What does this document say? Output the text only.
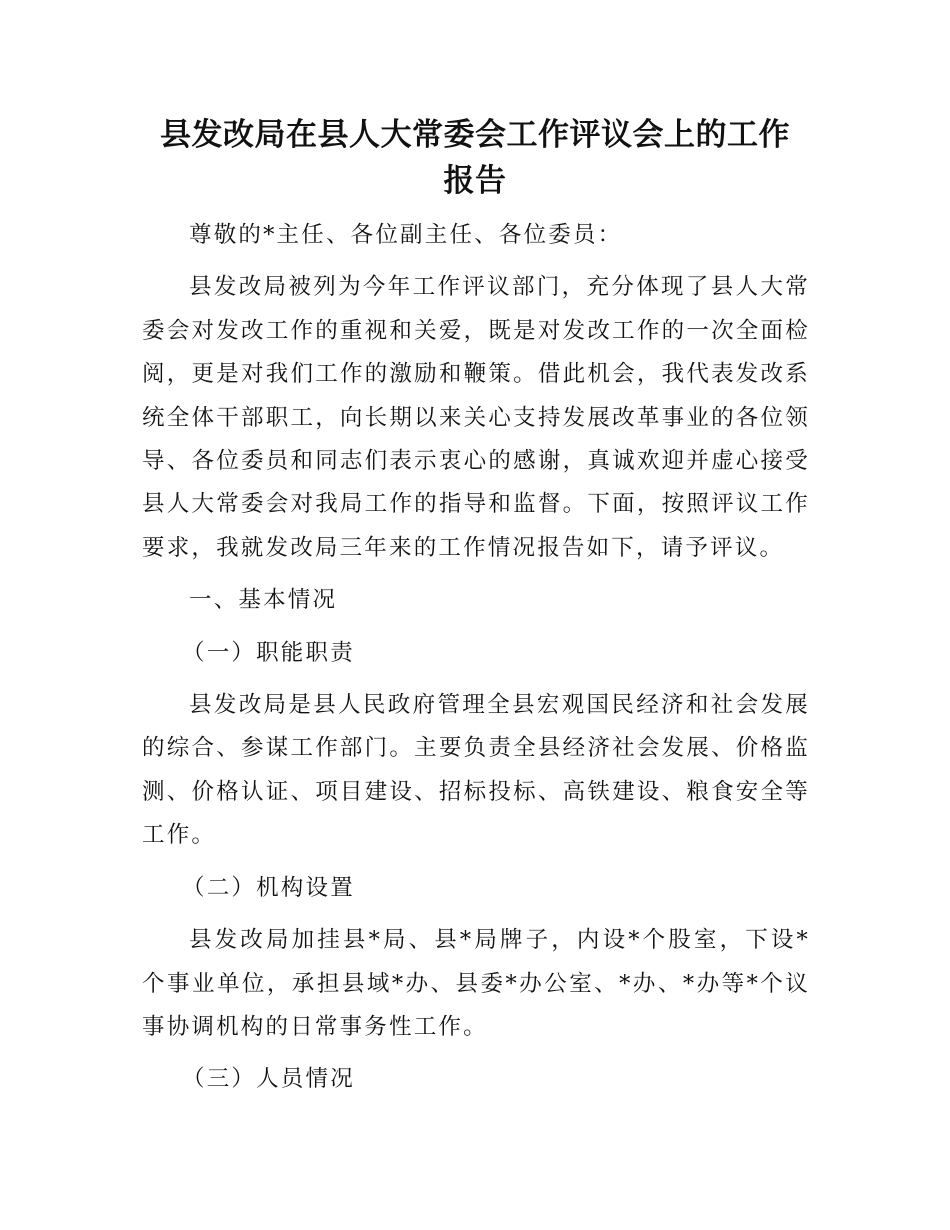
县发改局在县人大常委会工作评议会上的工作
报告

尊敬的*主任、各位副主任、各位委员：

县发改局被列为今年工作评议部门，充分体现了县人大常委会对发改工作的重视和关爱，既是对发改工作的一次全面检阅，更是对我们工作的激励和鞭策。借此机会，我代表发改系统全体干部职工，向长期以来关心支持发展改革事业的各位领导、各位委员和同志们表示衷心的感谢，真诚欢迎并虚心接受县人大常委会对我局工作的指导和监督。下面，按照评议工作要求，我就发改局三年来的工作情况报告如下，请予评议。

一、基本情况

（一）职能职责

县发改局是县人民政府管理全县宏观国民经济和社会发展的综合、参谋工作部门。主要负责全县经济社会发展、价格监测、价格认证、项目建设、招标投标、高铁建设、粮食安全等工作。

（二）机构设置

县发改局加挂县*局、县*局牌子，内设*个股室，下设*个事业单位，承担县域*办、县委*办公室、*办、*办等*个议事协调机构的日常事务性工作。

（三）人员情况
